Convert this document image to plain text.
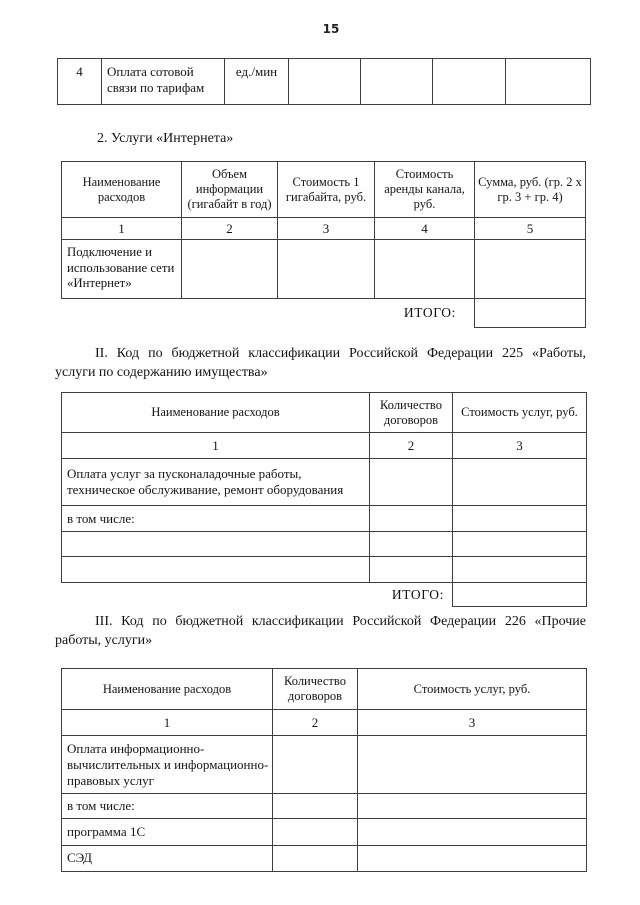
15
4	Оплата сотовой связи по тарифам	ед./мин				
2. Услуги «Интернета»
Наименование расходов	Объем информации (гигабайт в год)	Стоимость 1 гигабайта, руб.	Стоимость аренды канала, руб.	Сумма, руб. (гр. 2 х гр. 3 + гр. 4)
1	2	3	4	5
Подключение и использование сети «Интернет»				
ИТОГО:				
II. Код по бюджетной классификации Российской Федерации 225 «Работы, услуги по содержанию имущества»
Наименование расходов	Количество договоров	Стоимость услуг, руб.
1	2	3
Оплата услуг за пусконаладочные работы, техническое обслуживание, ремонт оборудования		
в том числе:		

ИТОГО:		
III. Код по бюджетной классификации Российской Федерации 226 «Прочие работы, услуги»
Наименование расходов	Количество договоров	Стоимость услуг, руб.
1	2	3
Оплата информационно-вычислительных и информационно-правовых услуг		
в том числе:		
программа 1С		
СЭД		
